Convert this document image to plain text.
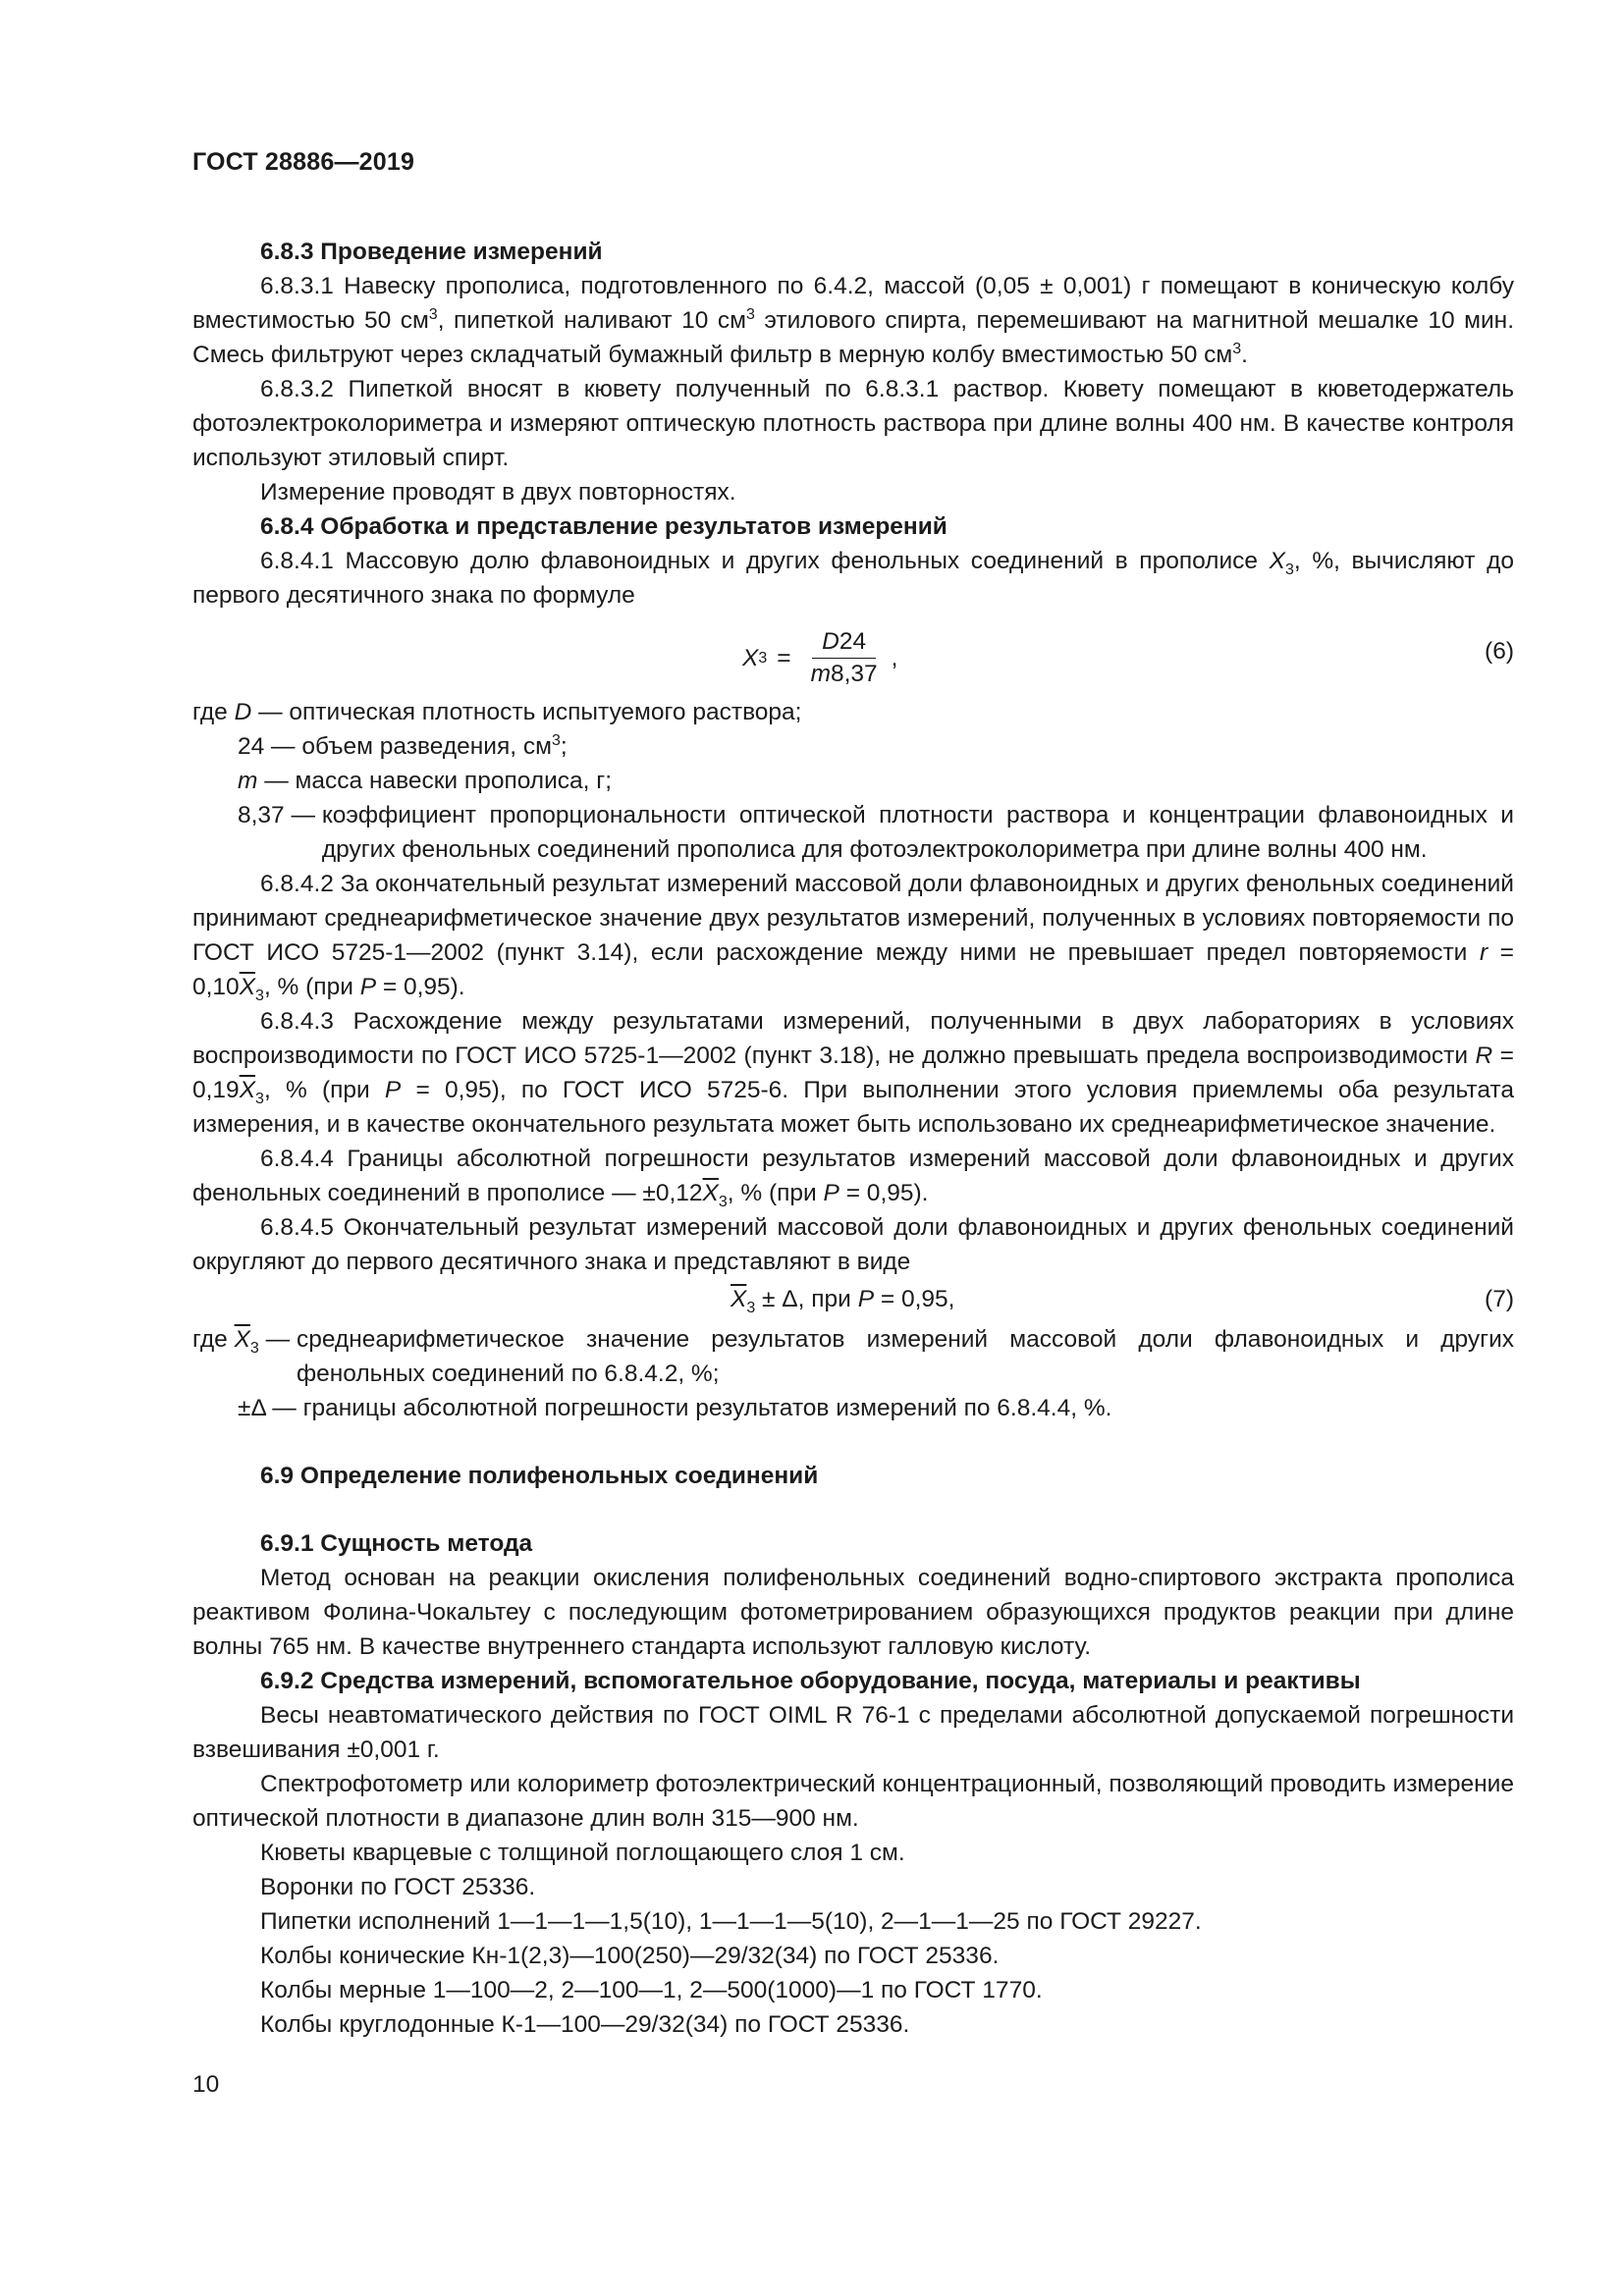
ГОСТ 28886—2019

6.8.3 Проведение измерений

6.8.3.1 Навеску прополиса, подготовленного по 6.4.2, массой (0,05 ± 0,001) г помещают в коническую колбу вместимостью 50 $см^3$, пипеткой наливают 10 $см^3$ этилового спирта, перемешивают на магнитной мешалке 10 мин. Смесь фильтруют через складчатый бумажный фильтр в мерную колбу вместимостью 50 $см^3$.

6.8.3.2 Пипеткой вносят в кювету полученный по 6.8.3.1 раствор. Кювету помещают в кюветодержатель фотоэлектроколориметра и измеряют оптическую плотность раствора при длине волны 400 нм. В качестве контроля используют этиловый спирт.

Измерение проводят в двух повторностях.

6.8.4 Обработка и представление результатов измерений

6.8.4.1 Массовую долю флавоноидных и других фенольных соединений в прополисе $X_3$, %, вычисляют до первого десятичного знака по формуле

X $3 = \frac{D24}{m8,37}$ ,	(6)

где D — оптическая плотность испытуемого раствора;

24 — объем разведения, $см^3$;

m — масса навески прополиса, г;

8,37 — коэффициент пропорциональности оптической плотности раствора и концентрации флавоноидных и других фенольных соединений прополиса для фотоэлектроколориметра при длине волны 400 нм.

6.8.4.2 За окончательный результат измерений массовой доли флавоноидных и других фенольных соединений принимают среднеарифметическое значение двух результатов измерений, полученных в условиях повторяемости по ГОСТ ИСО 5725-1—2002 (пункт 3.14), если расхождение между ними не превышает предел повторяемости $r = 0,10\overline{X}_3$, % (при P = 0,95).

6.8.4.3 Расхождение между результатами измерений, полученными в двух лабораториях в условиях воспроизводимости по ГОСТ ИСО 5725-1—2002 (пункт 3.18), не должно превышать предела воспроизводимости $R = 0,19\overline{X}_3$, % (при P = 0,95), по ГОСТ ИСО 5725-6. При выполнении этого условия приемлемы оба результата измерения, и в качестве окончательного результата может быть использовано их среднеарифметическое значение.

6.8.4.4 Границы абсолютной погрешности результатов измерений массовой доли флавоноидных и других фенольных соединений в прополисе — $\pm 0,12\overline{X}_3$, % (при P = 0,95).

6.8.4.5 Окончательный результат измерений массовой доли флавоноидных и других фенольных соединений округляют до первого десятичного знака и представляют в виде

$\overline{X}_3 \pm \Delta$, при P = 0,95,	(7)
где $\overline{X}_3$ — среднеарифметическое значение результатов измерений массовой доли флавоноидных и других фенольных соединений по 6.8.4.2, %;

±Δ — границы абсолютной погрешности результатов измерений по 6.8.4.4, %.

6.9 Определение полифенольных соединений

6.9.1 Сущность метода

Метод основан на реакции окисления полифенольных соединений водно-спиртового экстракта прополиса реактивом Фолина-Чокальтеу с последующим фотометрированием образующихся продуктов реакции при длине волны 765 нм. В качестве внутреннего стандарта используют галловую кислоту.

6.9.2 Средства измерений, вспомогательное оборудование, посуда, материалы и реактивы

Весы неавтоматического действия по ГОСТ OIML R 76-1 с пределами абсолютной допускаемой погрешности взвешивания ±0,001 г.

Спектрофотометр или колориметр фотоэлектрический концентрационный, позволяющий проводить измерение оптической плотности в диапазоне длин волн 315—900 нм.

Кюветы кварцевые с толщиной поглощающего слоя 1 см.

Воронки по ГОСТ 25336.

Пипетки исполнений 1—1—1—1,5(10), 1—1—1—5(10), 2—1—1—25 по ГОСТ 29227.

Колбы конические Кн-1(2,3)—100(250)—29/32(34) по ГОСТ 25336.

Колбы мерные 1—100—2, 2—100—1, 2—500(1000)—1 по ГОСТ 1770.

Колбы круглодонные К-1—100—29/32(34) по ГОСТ 25336.

10
